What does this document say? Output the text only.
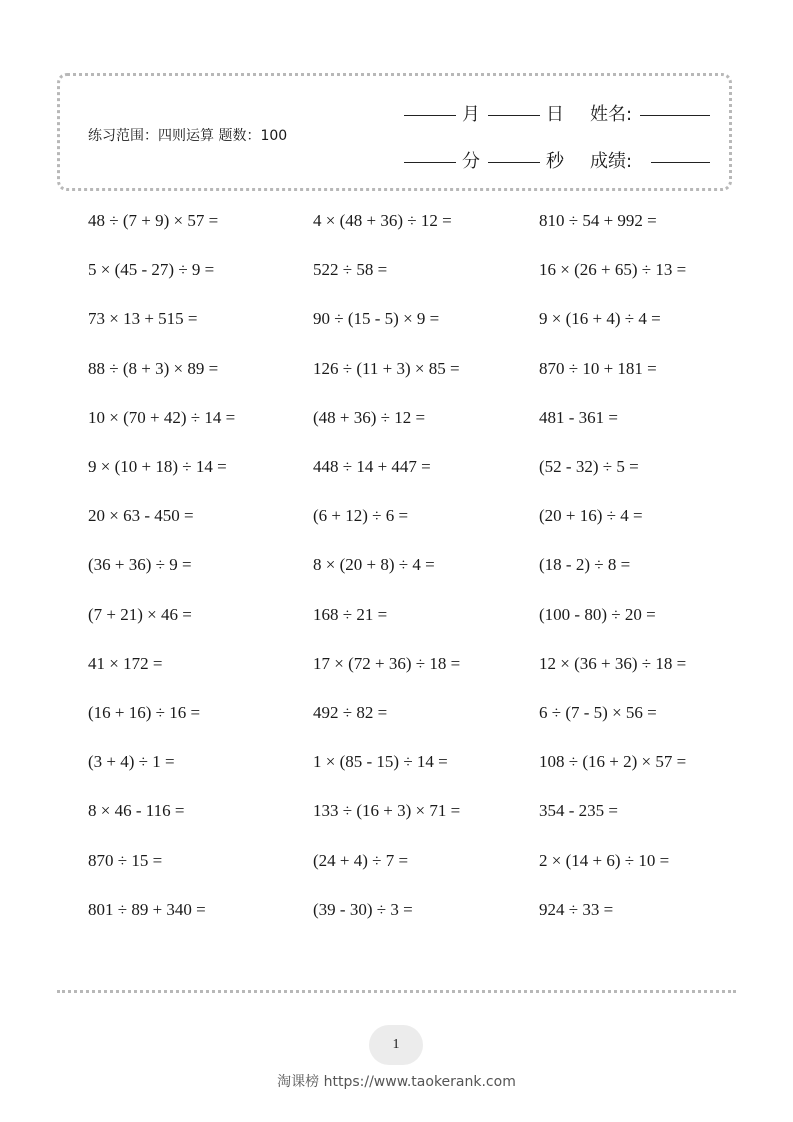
练习范围：四则运算 题数：100
月	日 姓名:
分	秒 成绩:
48 ÷ (7 + 9) × 57 =	4 × (48 + 36) ÷ 12 =	810 ÷ 54 + 992 =
5 × (45 - 27) ÷ 9 =	522 ÷ 58 =	16 × (26 + 65) ÷ 13 =
73 × 13 + 515 =	90 ÷ (15 - 5) × 9 =	9 × (16 + 4) ÷ 4 =
88 ÷ (8 + 3) × 89 =	126 ÷ (11 + 3) × 85 =	870 ÷ 10 + 181 =
10 × (70 + 42) ÷ 14 =	(48 + 36) ÷ 12 =	481 - 361 =
9 × (10 + 18) ÷ 14 =	448 ÷ 14 + 447 =	(52 - 32) ÷ 5 =
20 × 63 - 450 =	(6 + 12) ÷ 6 =	(20 + 16) ÷ 4 =
(36 + 36) ÷ 9 =	8 × (20 + 8) ÷ 4 =	(18 - 2) ÷ 8 =
(7 + 21) × 46 =	168 ÷ 21 =	(100 - 80) ÷ 20 =
41 × 172 =	17 × (72 + 36) ÷ 18 =	12 × (36 + 36) ÷ 18 =
(16 + 16) ÷ 16 =	492 ÷ 82 =	6 ÷ (7 - 5) × 56 =
(3 + 4) ÷ 1 =	1 × (85 - 15) ÷ 14 =	108 ÷ (16 + 2) × 57 =
8 × 46 - 116 =	133 ÷ (16 + 3) × 71 =	354 - 235 =
870 ÷ 15 =	(24 + 4) ÷ 7 =	2 × (14 + 6) ÷ 10 =
801 ÷ 89 + 340 =	(39 - 30) ÷ 3 =	924 ÷ 33 =
1
淘课榜 https://www.taokerank.com
